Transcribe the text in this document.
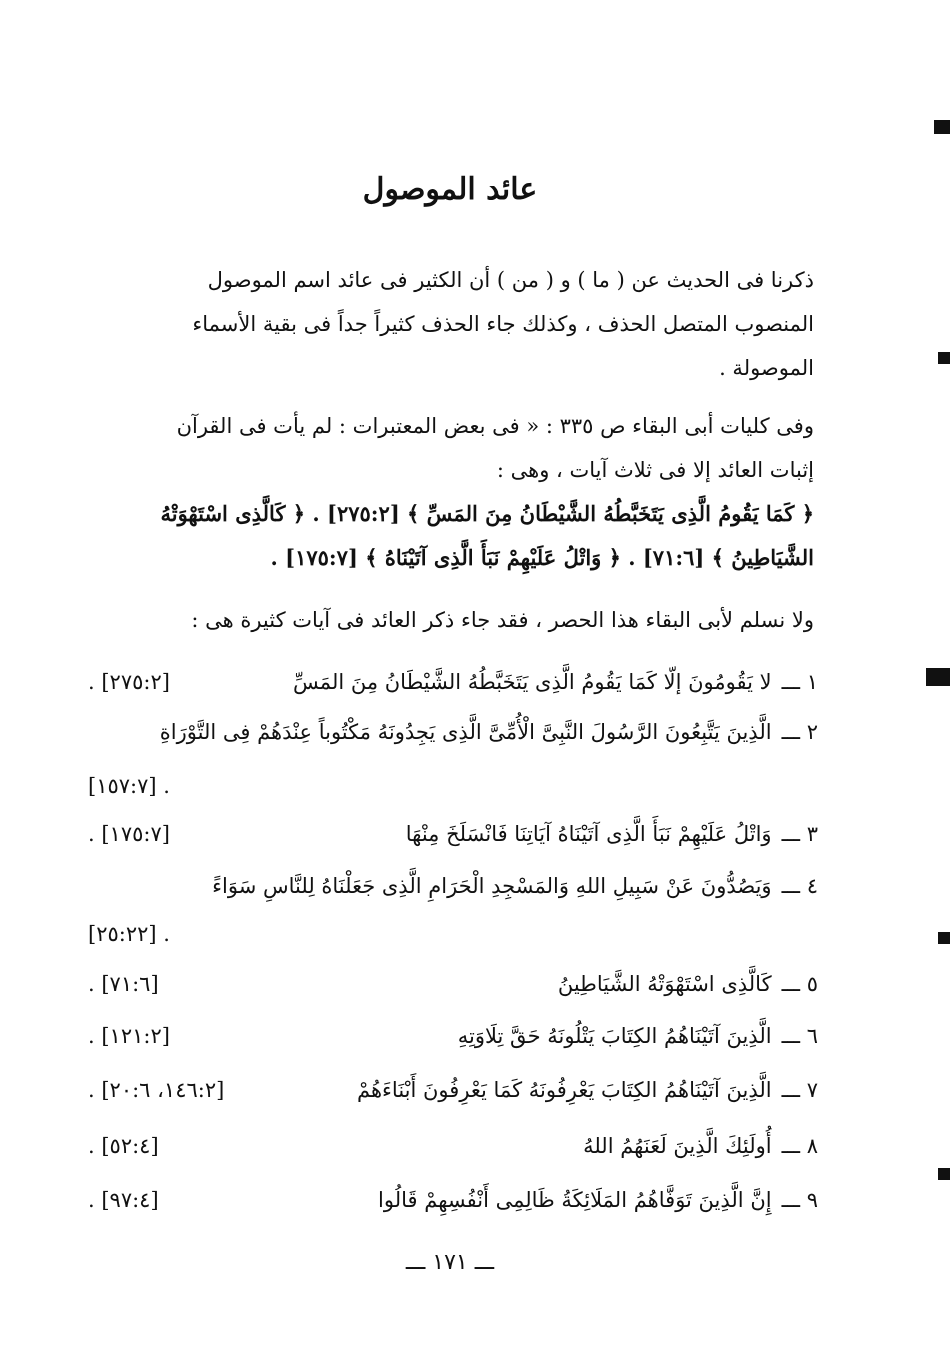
عائد الموصول
ذكرنا فى الحديث عن ( ما ) و ( من ) أن الكثير فى عائد اسم الموصول
المنصوب المتصل الحذف ، وكذلك جاء الحذف كثيراً جداً فى بقية الأسماء
الموصولة .
وفى كليات أبى البقاء ص ٣٣٥ : « فى بعض المعتبرات : لم يأت فى القرآن
إثبات العائد إلا فى ثلاث آيات ، وهى :
﴿ كَمَا يَقُومُ الَّذِى يَتَخَبَّطُهُ الشَّيْطَانُ مِنَ المَسِّ ﴾ [٢٧٥:٢] . ﴿ كَالَّذِى اسْتَهْوَتْهُ
الشَّيَاطِينُ ﴾ [٧١:٦] . ﴿ وَاتْلُ عَلَيْهِمْ نَبَأَ الَّذِى آتَيْنَاهُ ﴾ [١٧٥:٧] .
ولا نسلم لأبى البقاء هذا الحصر ، فقد جاء ذكر العائد فى آيات كثيرة هى :
١ ـــلا يَقُومُونَ إلّا كَمَا يَقُومُ الَّذِى يَتَخَبَّطُهُ الشَّيْطَانُ مِنَ المَسِّ
[٢٧٥:٢] .
٢ ـــالَّذِينَ يَتَّبِعُونَ الرَّسُولَ النَّبِىَّ الْأُمِّىَّ الَّذِى يَجِدُونَهُ مَكْتُوباً عِنْدَهُمْ فِى التَّوْرَاةِ
. [١٥٧:٧]
٣ ـــوَاتْلُ عَلَيْهِمْ نَبَأَ الَّذِى آتَيْنَاهُ آيَاتِنَا فَانْسَلَخَ مِنْهَا
[١٧٥:٧] .
٤ ـــوَيَصُدُّونَ عَنْ سَبِيلِ اللهِ وَالمَسْجِدِ الْحَرَامِ الَّذِى جَعَلْنَاهُ لِلنَّاسِ سَوَاءً
. [٢٥:٢٢]
٥ ـــكَالَّذِى اسْتَهْوَتْهُ الشَّيَاطِينُ
[٧١:٦] .
٦ ـــالَّذِينَ آتَيْنَاهُمُ الكِتَابَ يَتْلُونَهُ حَقَّ تِلَاوَتِهِ
[١٢١:٢] .
٧ ـــالَّذِينَ آتَيْنَاهُمُ الكِتَابَ يَعْرِفُونَهُ كَمَا يَعْرِفُونَ أَبْنَاءَهُمْ
[١٤٦:٢، ٢٠:٦] .
٨ ـــأُولَئِكَ الَّذِينَ لَعَنَهُمُ اللهُ
[٥٢:٤] .
٩ ـــإِنَّ الَّذِينَ تَوَفَّاهُمُ المَلَائِكَةُ ظَالِمِى أَنْفُسِهِمْ قَالُوا
[٩٧:٤] .
ـــ ١٧١ ـــ
